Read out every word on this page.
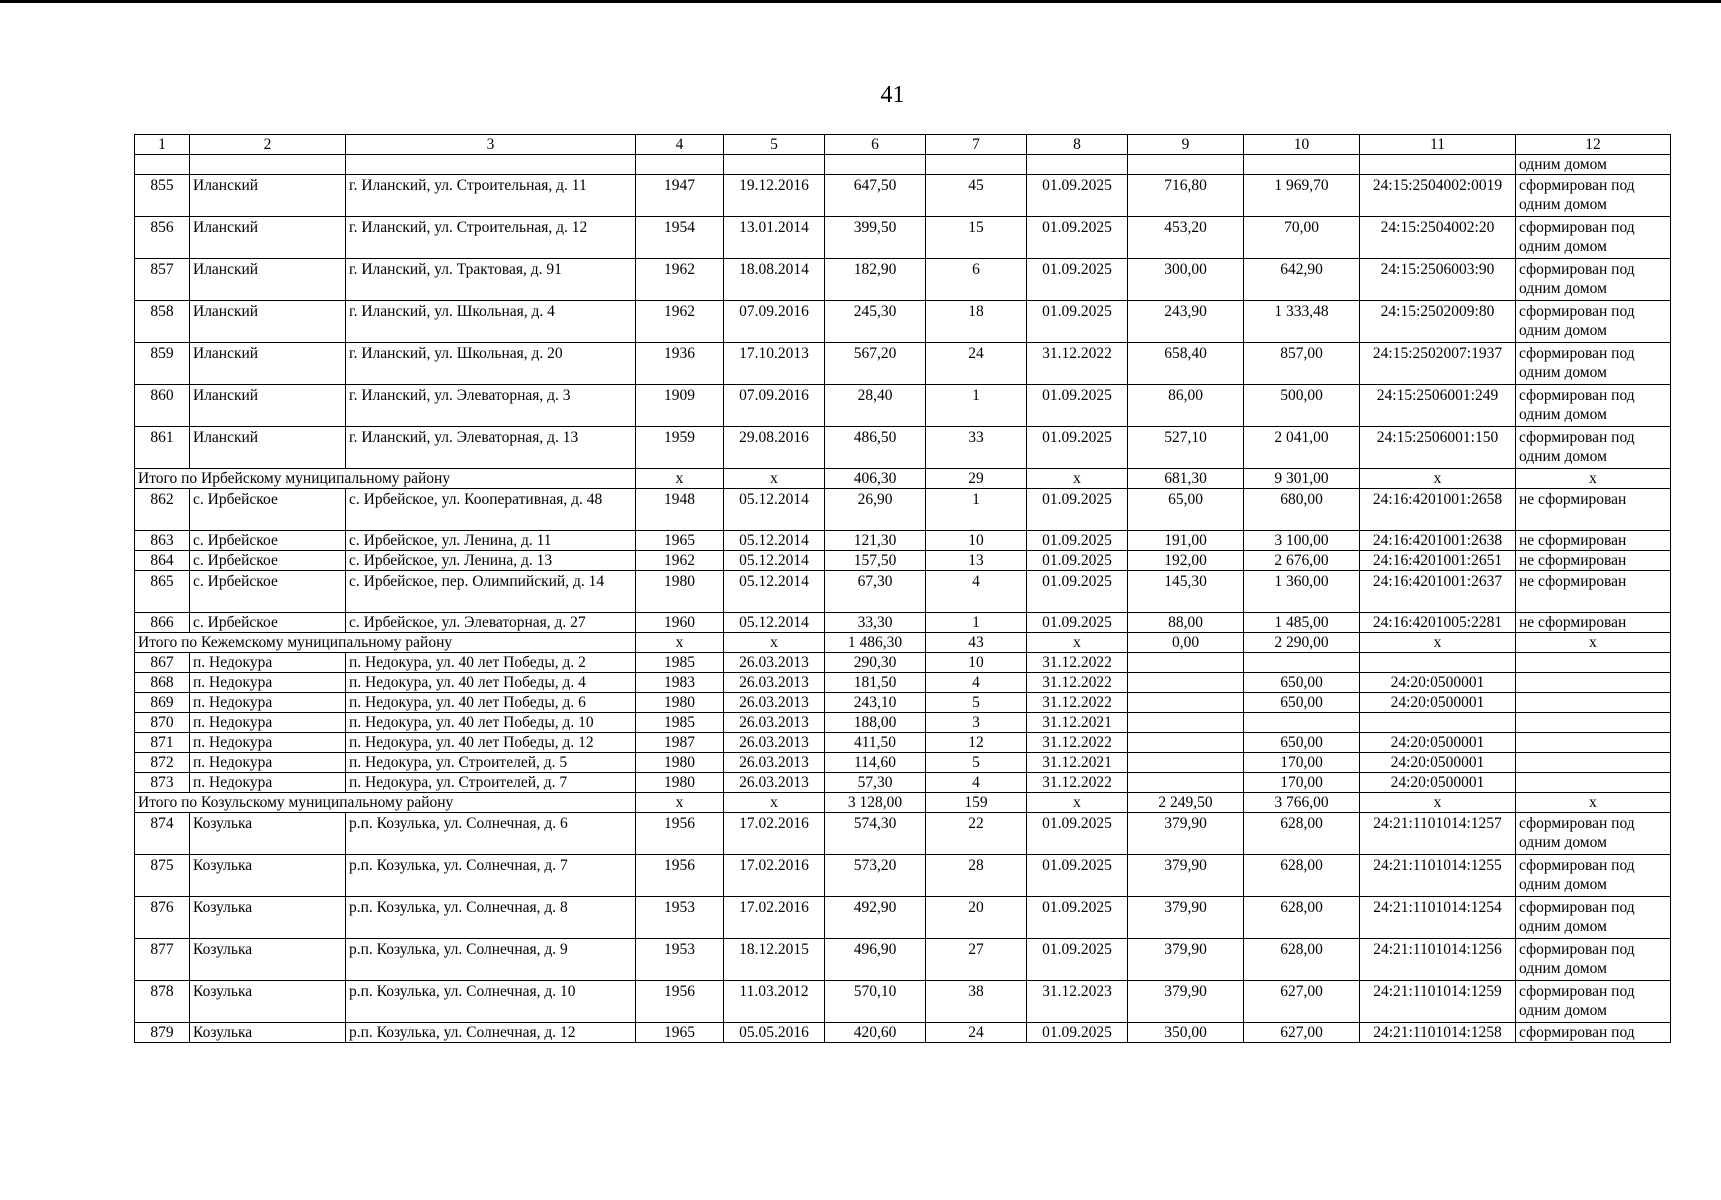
41
1	2	3	4	5	6	7	8	9	10	11	12
											одним домом
855	Иланский	г. Иланский, ул. Строительная, д. 11	1947	19.12.2016	647,50	45	01.09.2025	716,80	1 969,70	24:15:2504002:0019	сформирован под одним домом
856	Иланский	г. Иланский, ул. Строительная, д. 12	1954	13.01.2014	399,50	15	01.09.2025	453,20	70,00	24:15:2504002:20	сформирован под одним домом
857	Иланский	г. Иланский, ул. Трактовая, д. 91	1962	18.08.2014	182,90	6	01.09.2025	300,00	642,90	24:15:2506003:90	сформирован под одним домом
858	Иланский	г. Иланский, ул. Школьная, д. 4	1962	07.09.2016	245,30	18	01.09.2025	243,90	1 333,48	24:15:2502009:80	сформирован под одним домом
859	Иланский	г. Иланский, ул. Школьная, д. 20	1936	17.10.2013	567,20	24	31.12.2022	658,40	857,00	24:15:2502007:1937	сформирован под одним домом
860	Иланский	г. Иланский, ул. Элеваторная, д. 3	1909	07.09.2016	28,40	1	01.09.2025	86,00	500,00	24:15:2506001:249	сформирован под одним домом
861	Иланский	г. Иланский, ул. Элеваторная, д. 13	1959	29.08.2016	486,50	33	01.09.2025	527,10	2 041,00	24:15:2506001:150	сформирован под одним домом
Итого по Ирбейскому муниципальному району			х	х	406,30	29	х	681,30	9 301,00	х	х
862	с. Ирбейское	с. Ирбейское, ул. Кооперативная, д. 48	1948	05.12.2014	26,90	1	01.09.2025	65,00	680,00	24:16:4201001:2658	не сформирован
863	с. Ирбейское	с. Ирбейское, ул. Ленина, д. 11	1965	05.12.2014	121,30	10	01.09.2025	191,00	3 100,00	24:16:4201001:2638	не сформирован
864	с. Ирбейское	с. Ирбейское, ул. Ленина, д. 13	1962	05.12.2014	157,50	13	01.09.2025	192,00	2 676,00	24:16:4201001:2651	не сформирован
865	с. Ирбейское	с. Ирбейское, пер. Олимпийский, д. 14	1980	05.12.2014	67,30	4	01.09.2025	145,30	1 360,00	24:16:4201001:2637	не сформирован
866	с. Ирбейское	с. Ирбейское, ул. Элеваторная, д. 27	1960	05.12.2014	33,30	1	01.09.2025	88,00	1 485,00	24:16:4201005:2281	не сформирован
Итого по Кежемскому муниципальному району			х	х	1 486,30	43	х	0,00	2 290,00	х	х
867	п. Недокура	п. Недокура, ул. 40 лет Победы, д. 2	1985	26.03.2013	290,30	10	31.12.2022				
868	п. Недокура	п. Недокура, ул. 40 лет Победы, д. 4	1983	26.03.2013	181,50	4	31.12.2022		650,00	24:20:0500001	
869	п. Недокура	п. Недокура, ул. 40 лет Победы, д. 6	1980	26.03.2013	243,10	5	31.12.2022		650,00	24:20:0500001	
870	п. Недокура	п. Недокура, ул. 40 лет Победы, д. 10	1985	26.03.2013	188,00	3	31.12.2021				
871	п. Недокура	п. Недокура, ул. 40 лет Победы, д. 12	1987	26.03.2013	411,50	12	31.12.2022		650,00	24:20:0500001	
872	п. Недокура	п. Недокура, ул. Строителей, д. 5	1980	26.03.2013	114,60	5	31.12.2021		170,00	24:20:0500001	
873	п. Недокура	п. Недокура, ул. Строителей, д. 7	1980	26.03.2013	57,30	4	31.12.2022		170,00	24:20:0500001	
Итого по Козульскому муниципальному району			х	х	3 128,00	159	х	2 249,50	3 766,00	х	х
874	Козулька	р.п. Козулька, ул. Солнечная, д. 6	1956	17.02.2016	574,30	22	01.09.2025	379,90	628,00	24:21:1101014:1257	сформирован под одним домом
875	Козулька	р.п. Козулька, ул. Солнечная, д. 7	1956	17.02.2016	573,20	28	01.09.2025	379,90	628,00	24:21:1101014:1255	сформирован под одним домом
876	Козулька	р.п. Козулька, ул. Солнечная, д. 8	1953	17.02.2016	492,90	20	01.09.2025	379,90	628,00	24:21:1101014:1254	сформирован под одним домом
877	Козулька	р.п. Козулька, ул. Солнечная, д. 9	1953	18.12.2015	496,90	27	01.09.2025	379,90	628,00	24:21:1101014:1256	сформирован под одним домом
878	Козулька	р.п. Козулька, ул. Солнечная, д. 10	1956	11.03.2012	570,10	38	31.12.2023	379,90	627,00	24:21:1101014:1259	сформирован под одним домом
879	Козулька	р.п. Козулька, ул. Солнечная, д. 12	1965	05.05.2016	420,60	24	01.09.2025	350,00	627,00	24:21:1101014:1258	сформирован под
